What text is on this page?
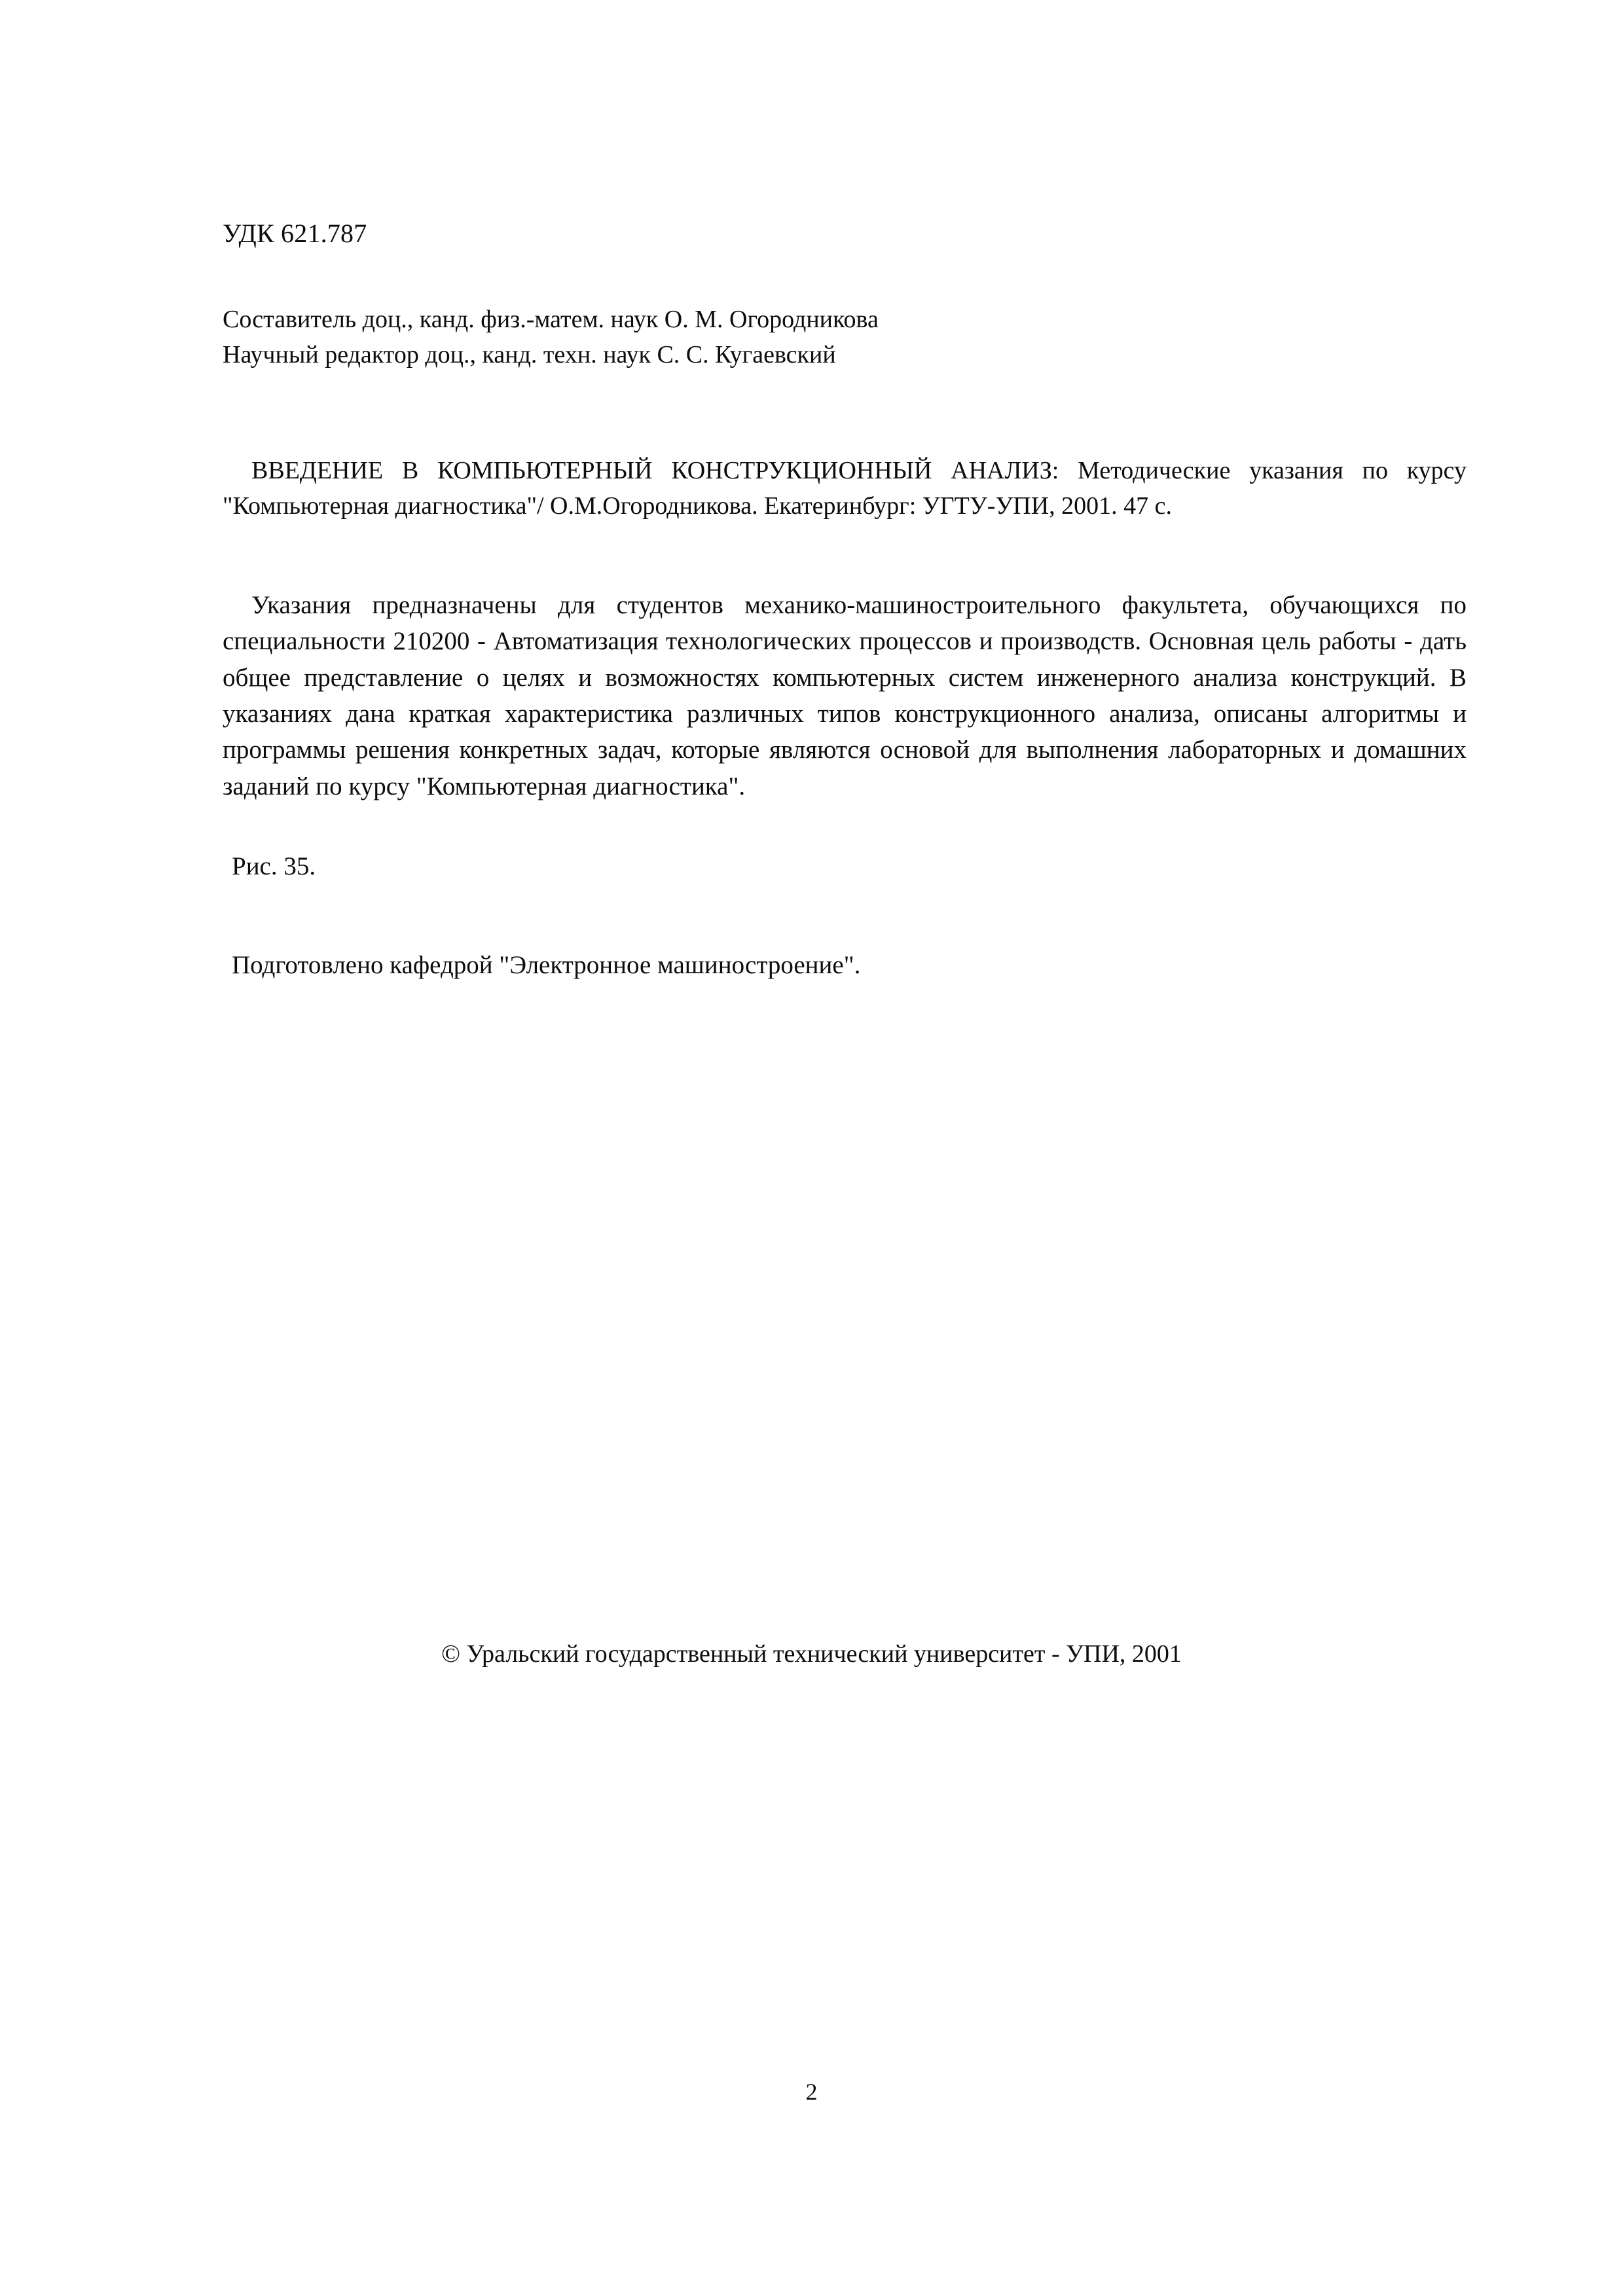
УДК 621.787
Составитель доц., канд. физ.-матем. наук О. М. Огородникова
Научный редактор доц., канд. техн. наук С. С. Кугаевский
ВВЕДЕНИЕ В КОМПЬЮТЕРНЫЙ КОНСТРУКЦИОННЫЙ АНАЛИЗ: Методические указания по курсу "Компьютерная диагностика"/ О.М.Огородникова. Екатеринбург: УГТУ-УПИ, 2001. 47 с.
Указания предназначены для студентов механико-машиностроительного факультета, обучающихся по специальности 210200 - Автоматизация технологических процессов и производств. Основная цель работы - дать общее представление о целях и возможностях компьютерных систем инженерного анализа конструкций. В указаниях дана краткая характеристика различных типов конструкционного анализа, описаны алгоритмы и программы решения конкретных задач, которые являются основой для выполнения лабораторных и домашних заданий по курсу "Компьютерная диагностика".
Рис. 35.
Подготовлено кафедрой "Электронное машиностроение".
© Уральский государственный технический университет - УПИ, 2001
2
